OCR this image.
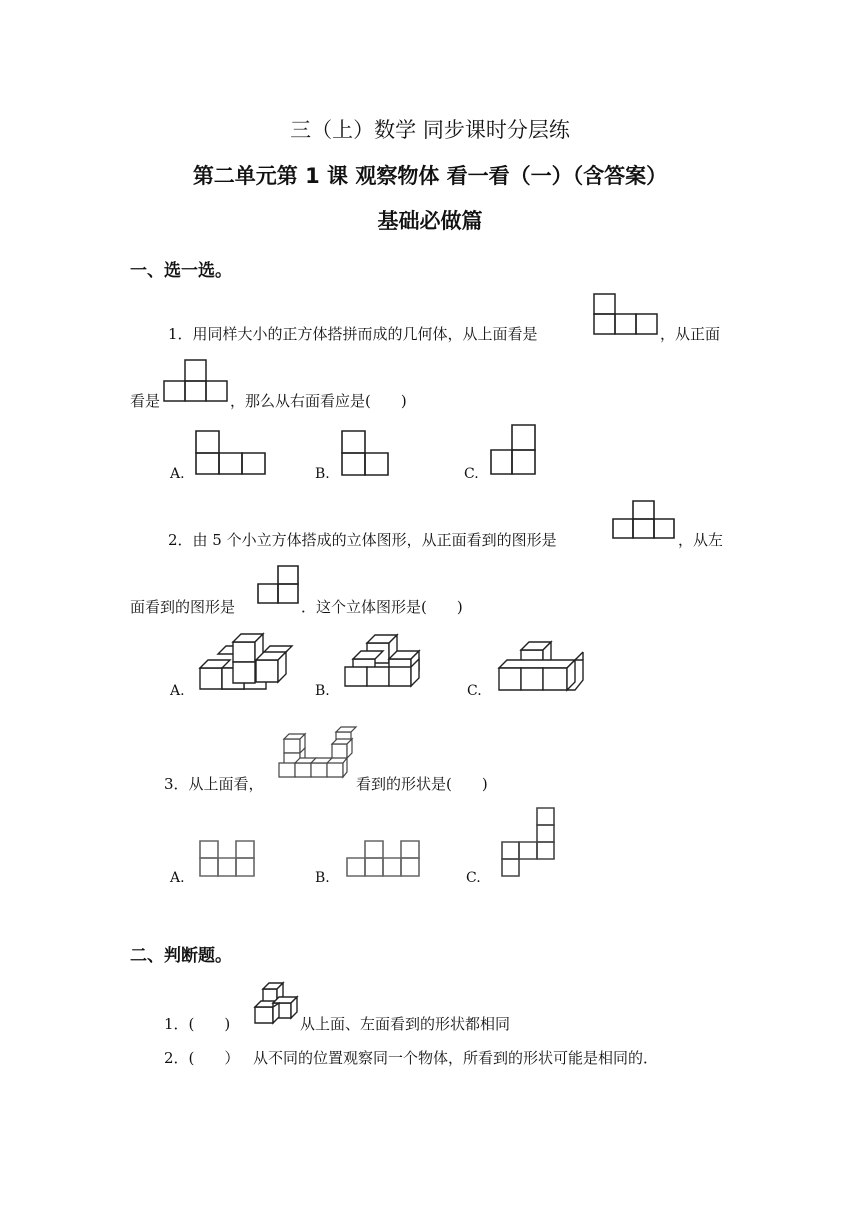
三（上）数学 同步课时分层练
第二单元第 1 课 观察物体 看一看（一）（含答案）
基础必做篇
一、选一选。
1．用同样大小的正方体搭拼而成的几何体，从上面看是	，从正面
看是	，那么从右面看应是(　　)
A.	B.	C.
2．由 5 个小立方体搭成的立体图形，从正面看到的图形是	，从左
面看到的图形是	．这个立体图形是(　　)
A.	B.	C.
3．从上面看，	看到的形状是(　　)
A.	B.	C.
二、判断题。
1．(　　)	从上面、左面看到的形状都相同
2．(　　） 从不同的位置观察同一个物体，所看到的形状可能是相同的．
